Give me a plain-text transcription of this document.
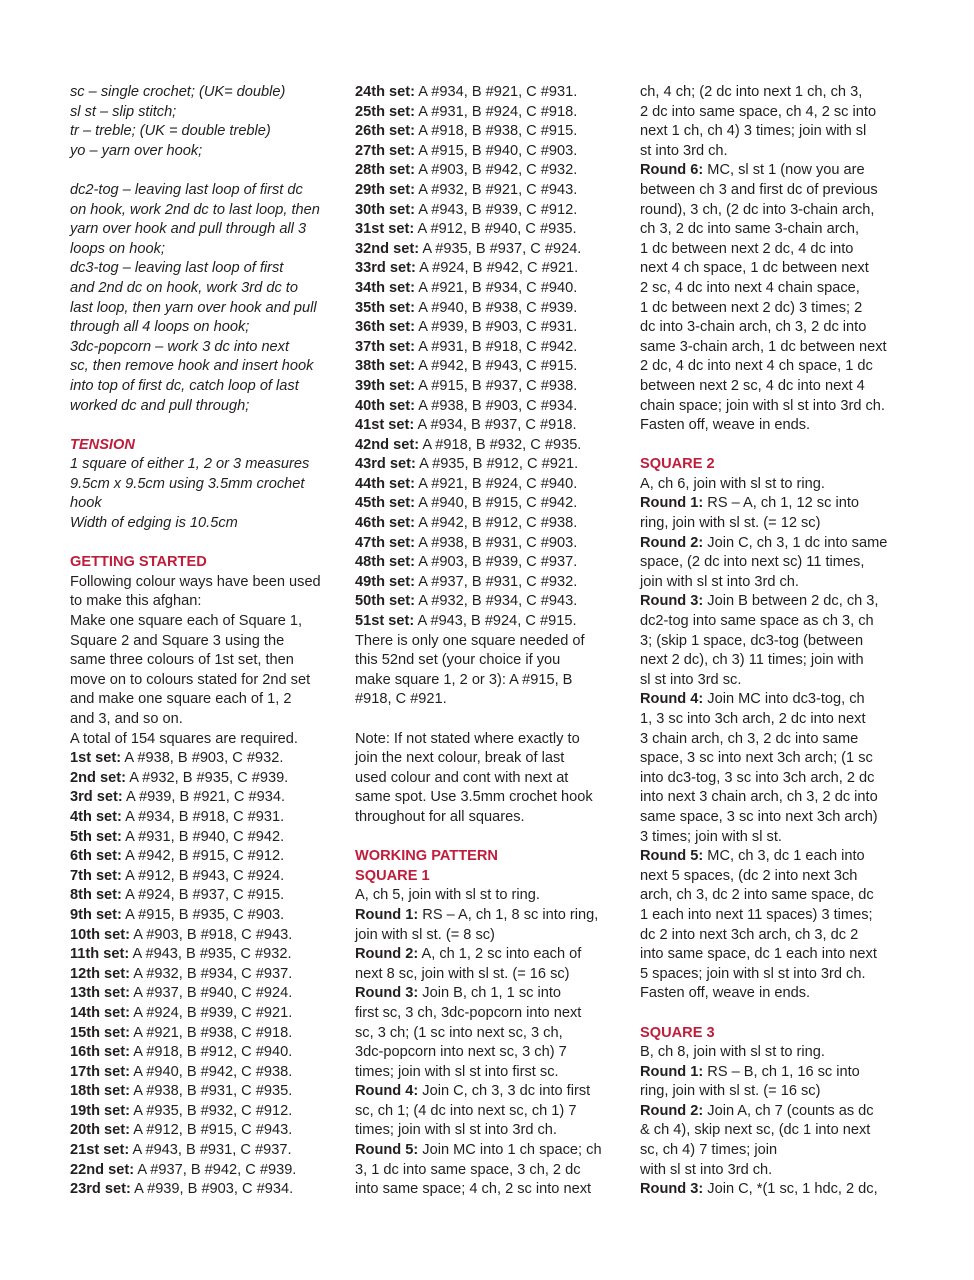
sc – single crochet; (UK= double)
sl st – slip stitch;
tr – treble; (UK = double treble)
yo – yarn over hook;
dc2-tog – leaving last loop of first dc
on hook, work 2nd dc to last loop, then
yarn over hook and pull through all 3
loops on hook;
dc3-tog – leaving last loop of first
and 2nd dc on hook, work 3rd dc to
last loop, then yarn over hook and pull
through all 4 loops on hook;
3dc-popcorn – work 3 dc into next
sc, then remove hook and insert hook
into top of first dc, catch loop of last
worked dc and pull through;
TENSION
1 square of either 1, 2 or 3 measures
9.5cm x 9.5cm using 3.5mm crochet
hook
Width of edging is 10.5cm
GETTING STARTED
Following colour ways have been used
to make this afghan:
Make one square each of Square 1,
Square 2 and Square 3 using the
same three colours of 1st set, then
move on to colours stated for 2nd set
and make one square each of 1, 2
and 3, and so on.
A total of 154 squares are required.
1st set: A #938, B #903, C #932.
2nd set: A #932, B #935, C #939.
3rd set: A #939, B #921, C #934.
4th set: A #934, B #918, C #931.
5th set: A #931, B #940, C #942.
6th set: A #942, B #915, C #912.
7th set: A #912, B #943, C #924.
8th set: A #924, B #937, C #915.
9th set: A #915, B #935, C #903.
10th set: A #903, B #918, C #943.
11th set: A #943, B #935, C #932.
12th set: A #932, B #934, C #937.
13th set: A #937, B #940, C #924.
14th set: A #924, B #939, C #921.
15th set: A #921, B #938, C #918.
16th set: A #918, B #912, C #940.
17th set: A #940, B #942, C #938.
18th set: A #938, B #931, C #935.
19th set: A #935, B #932, C #912.
20th set: A #912, B #915, C #943.
21st set: A #943, B #931, C #937.
22nd set: A #937, B #942, C #939.
23rd set: A #939, B #903, C #934.
24th set: A #934, B #921, C #931.
25th set: A #931, B #924, C #918.
26th set: A #918, B #938, C #915.
27th set: A #915, B #940, C #903.
28th set: A #903, B #942, C #932.
29th set: A #932, B #921, C #943.
30th set: A #943, B #939, C #912.
31st set: A #912, B #940, C #935.
32nd set: A #935, B #937, C #924.
33rd set: A #924, B #942, C #921.
34th set: A #921, B #934, C #940.
35th set: A #940, B #938, C #939.
36th set: A #939, B #903, C #931.
37th set: A #931, B #918, C #942.
38th set: A #942, B #943, C #915.
39th set: A #915, B #937, C #938.
40th set: A #938, B #903, C #934.
41st set: A #934, B #937, C #918.
42nd set: A #918, B #932, C #935.
43rd set: A #935, B #912, C #921.
44th set: A #921, B #924, C #940.
45th set: A #940, B #915, C #942.
46th set: A #942, B #912, C #938.
47th set: A #938, B #931, C #903.
48th set: A #903, B #939, C #937.
49th set: A #937, B #931, C #932.
50th set: A #932, B #934, C #943.
51st set: A #943, B #924, C #915.
There is only one square needed of
this 52nd set (your choice if you
make square 1, 2 or 3): A #915, B
#918, C #921.
Note: If not stated where exactly to
join the next colour, break of last
used colour and cont with next at
same spot. Use 3.5mm crochet hook
throughout for all squares.
WORKING PATTERN
SQUARE 1
A, ch 5, join with sl st to ring.
Round 1: RS – A, ch 1, 8 sc into ring,
join with sl st. (= 8 sc)
Round 2: A, ch 1, 2 sc into each of
next 8 sc, join with sl st. (= 16 sc)
Round 3: Join B, ch 1, 1 sc into
first sc, 3 ch, 3dc-popcorn into next
sc, 3 ch; (1 sc into next sc, 3 ch,
3dc-popcorn into next sc, 3 ch) 7
times; join with sl st into first sc.
Round 4: Join C, ch 3, 3 dc into first
sc, ch 1; (4 dc into next sc, ch 1) 7
times; join with sl st into 3rd ch.
Round 5: Join MC into 1 ch space; ch
3, 1 dc into same space, 3 ch, 2 dc
into same space; 4 ch, 2 sc into next
ch, 4 ch; (2 dc into next 1 ch, ch 3,
2 dc into same space, ch 4, 2 sc into
next 1 ch, ch 4) 3 times; join with sl
st into 3rd ch.
Round 6: MC, sl st 1 (now you are
between ch 3 and first dc of previous
round), 3 ch, (2 dc into 3-chain arch,
ch 3, 2 dc into same 3-chain arch,
1 dc between next 2 dc, 4 dc into
next 4 ch space, 1 dc between next
2 sc, 4 dc into next 4 chain space,
1 dc between next 2 dc) 3 times; 2
dc into 3-chain arch, ch 3, 2 dc into
same 3-chain arch, 1 dc between next
2 dc, 4 dc into next 4 ch space, 1 dc
between next 2 sc, 4 dc into next 4
chain space; join with sl st into 3rd ch.
Fasten off, weave in ends.
SQUARE 2
A, ch 6, join with sl st to ring.
Round 1: RS – A, ch 1, 12 sc into
ring, join with sl st. (= 12 sc)
Round 2: Join C, ch 3, 1 dc into same
space, (2 dc into next sc) 11 times,
join with sl st into 3rd ch.
Round 3: Join B between 2 dc, ch 3,
dc2-tog into same space as ch 3, ch
3; (skip 1 space, dc3-tog (between
next 2 dc), ch 3) 11 times; join with
sl st into 3rd sc.
Round 4: Join MC into dc3-tog, ch
1, 3 sc into 3ch arch, 2 dc into next
3 chain arch, ch 3, 2 dc into same
space, 3 sc into next 3ch arch; (1 sc
into dc3-tog, 3 sc into 3ch arch, 2 dc
into next 3 chain arch, ch 3, 2 dc into
same space, 3 sc into next 3ch arch)
3 times; join with sl st.
Round 5: MC, ch 3, dc 1 each into
next 5 spaces, (dc 2 into next 3ch
arch, ch 3, dc 2 into same space, dc
1 each into next 11 spaces) 3 times;
dc 2 into next 3ch arch, ch 3, dc 2
into same space, dc 1 each into next
5 spaces; join with sl st into 3rd ch.
Fasten off, weave in ends.
SQUARE 3
B, ch 8, join with sl st to ring.
Round 1: RS – B, ch 1, 16 sc into
ring, join with sl st. (= 16 sc)
Round 2: Join A, ch 7 (counts as dc
& ch 4), skip next sc, (dc 1 into next
sc, ch 4) 7 times; join
with sl st into 3rd ch.
Round 3: Join C, *(1 sc, 1 hdc, 2 dc,
